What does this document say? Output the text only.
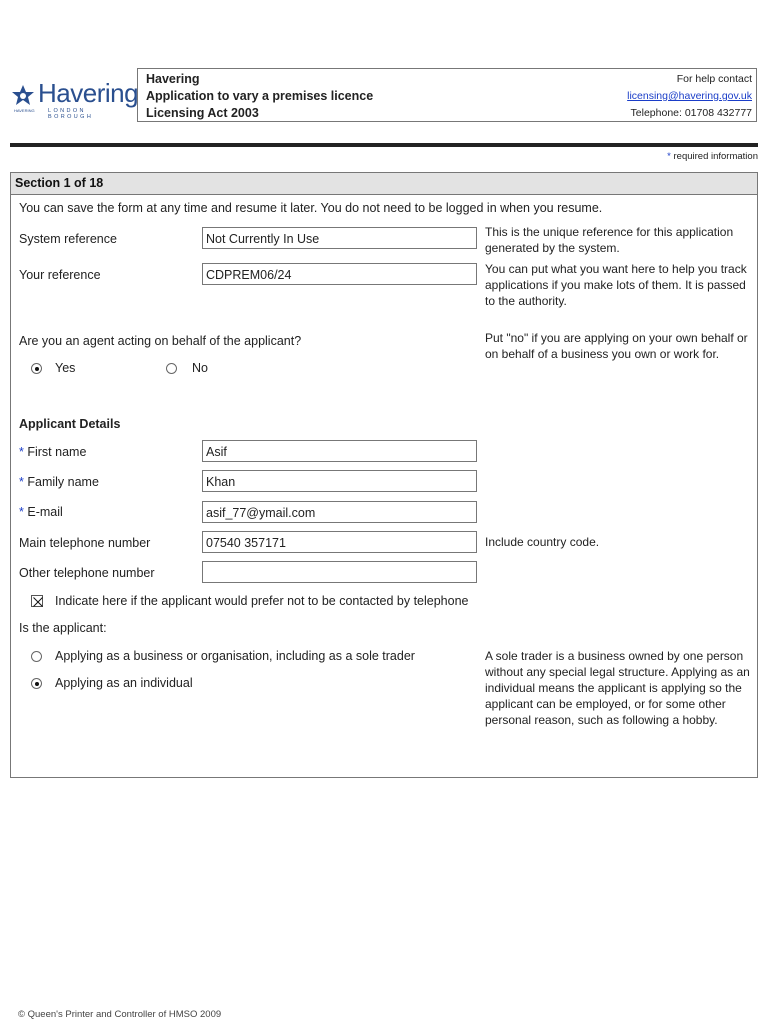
Havering
LONDON BOROUGH
HAVERING
Havering
Application to vary a premises licence
Licensing Act 2003
For help contact
licensing@havering.gov.uk
Telephone: 01708 432777
* required information
Section 1 of 18
You can save the form at any time and resume it later. You do not need to be logged in when you resume.
System reference	Not Currently In Use	This is the unique reference for this application generated by the system.
Your reference	CDPREM06/24	You can put what you want here to help you track applications if you make lots of them. It is passed to the authority.
Are you an agent acting on behalf of the applicant?
Yes	No
Put "no" if you are applying on your own behalf or on behalf of a business you own or work for.
Applicant Details
* First name	Asif
* Family name	Khan
* E-mail	asif_77@ymail.com
Main telephone number	07540 357171	Include country code.
Other telephone number
Indicate here if the applicant would prefer not to be contacted by telephone
Is the applicant:
Applying as a business or organisation, including as a sole trader
Applying as an individual
A sole trader is a business owned by one person without any special legal structure. Applying as an individual means the applicant is applying so the applicant can be employed, or for some other personal reason, such as following a hobby.
© Queen's Printer and Controller of HMSO 2009
